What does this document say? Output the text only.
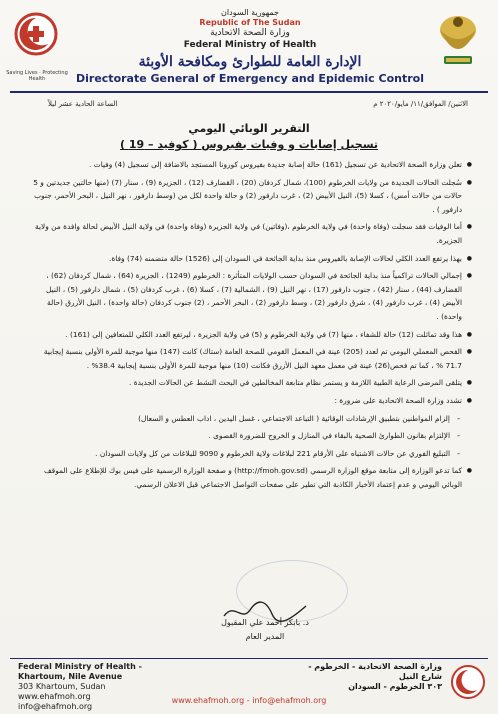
Saving Lives · Protecting Health
جمهورية السودان
Republic of The Sudan
وزارة الصحة الاتحادية
Federal Ministry of Health
الإدارة العامة للطوارئ ومكافحة الأوبئة
Directorate General of Emergency and Epidemic Control
الاثنين/ الموافق/١١/ مايو/٢٠٢٠ م
الساعة الحادية عشر ليلاً
التقرير الوبائي اليومي
تسجيل إصابات و وفيات بفيروس ( كوفيد – 19 )

● تعلن وزارة الصحة الاتحادية عن تسجيل (161) حالة إصابة جديدة بفيروس كورونا المستجد بالاضافة إلى تسجيل (4) وفيات .

● سُجلت الحالات الجديدة من ولايات الخرطوم (100)، شمال كردفان (20) ، القضارف (12) ، الجزيرة (9) ، سنار (7) (منها حالتين جديدتين و 5 حالات من حالات أمس) ، كسلا (5)، النيل الأبيض (2) ، غرب دارفور (2) و حالة واحدة لكل من (وسط دارفور ، نهر النيل ، البحر الأحمر، جنوب دارفور ) .

● أما الوفيات فقد سجلت (وفاة واحدة) في ولاية الخرطوم ،(وفاتين) في ولاية الجزيرة (وفاة واحدة) في ولاية النيل الأبيض لحالة وافدة من ولاية الجزيرة.

● بهذا يرتفع العدد الكلي لحالات الإصابة بالفيروس منذ بداية الجائحة في السودان إلى (1526) حالة متضمنه (74) وفاة.

● إجمالي الحالات تراكمياً منذ بداية الجائحة في السودان حسب الولايات المتأثرة : الخرطوم (1249) ، الجزيرة (64) ، شمال كردفان (62) ، القضارف (44) ، سنار (42) ، جنوب دارفور (17) ، نهر النيل (9) ، الشمالية (7) ، كسلا (6) ، غرب كردفان (5) ، شمال دارفور (5) ، النيل الأبيض (4) ، غرب دارفور (4) ، شرق دارفور (2) ، وسط دارفور (2) ، البحر الأحمر ، (2) جنوب كردفان (حالة واحدة) ، النيل الأزرق (حالة واحدة) .

● هذا وقد تماثلت (12) حالة للشفاء ، منها (7) في ولاية الخرطوم و (5) في ولاية الجزيرة ، ليرتفع العدد الكلي للمتعافين إلى (161) .

● الفحص المعملي اليومي تم لعدد (205) عينة في المعمل القومي للصحة العامة (ستاك) كانت (147) منها موجبة للمرة الأولى بنسبة إيجابية 71.7 % ، كما تم فحص(26) عينة في معمل معهد النيل الأزرق فكانت (10) منها موجبة للمرة الأولى بنسبة إيجابية 38.4% .

● يتلقى المرضى الرعاية الطبية اللازمة و يستمر نظام متابعة المخالطين في البحث النشط عن الحالات الجديدة .

● تشدد وزارة الصحة الاتحادية على ضرورة :

- إلزام المواطنين بتطبيق الإرشادات الوقائية ( التباعد الاجتماعي ، غسل اليدين ، اداب العطس و السعال)

- الإلتزام بقانون الطوارئ الصحية بالبقاء في المنازل و الخروج للضرورة القصوى .

- التبليغ الفوري عن حالات الاشتباه على الأرقام 221 لبلاغات ولاية الخرطوم و 9090 للبلاغات من كل ولايات السودان .

● كما تدعو الوزارة إلى متابعة موقع الوزارة الرسمي (http://fmoh.gov.sd) و صفحة الوزارة الرسمية على فيس بوك للإطلاع على الموقف الوبائي اليومي و عدم إعتماد الأخبار الكاذبة التي تطير على صفحات التواصل الاجتماعي قبل الاعلان الرسمي.

د. بابكر أحمد علي المقبول
المدير العام
Federal Ministry of Health - Khartoum, Nile Avenue
303 Khartoum, Sudan
www.ehafmoh.org
info@ehafmoh.org
وزارة الصحة الاتحادية - الخرطوم - شارع النيل
٣٠٣ الخرطوم - السودان
www.ehafmoh.org - info@ehafmoh.org
